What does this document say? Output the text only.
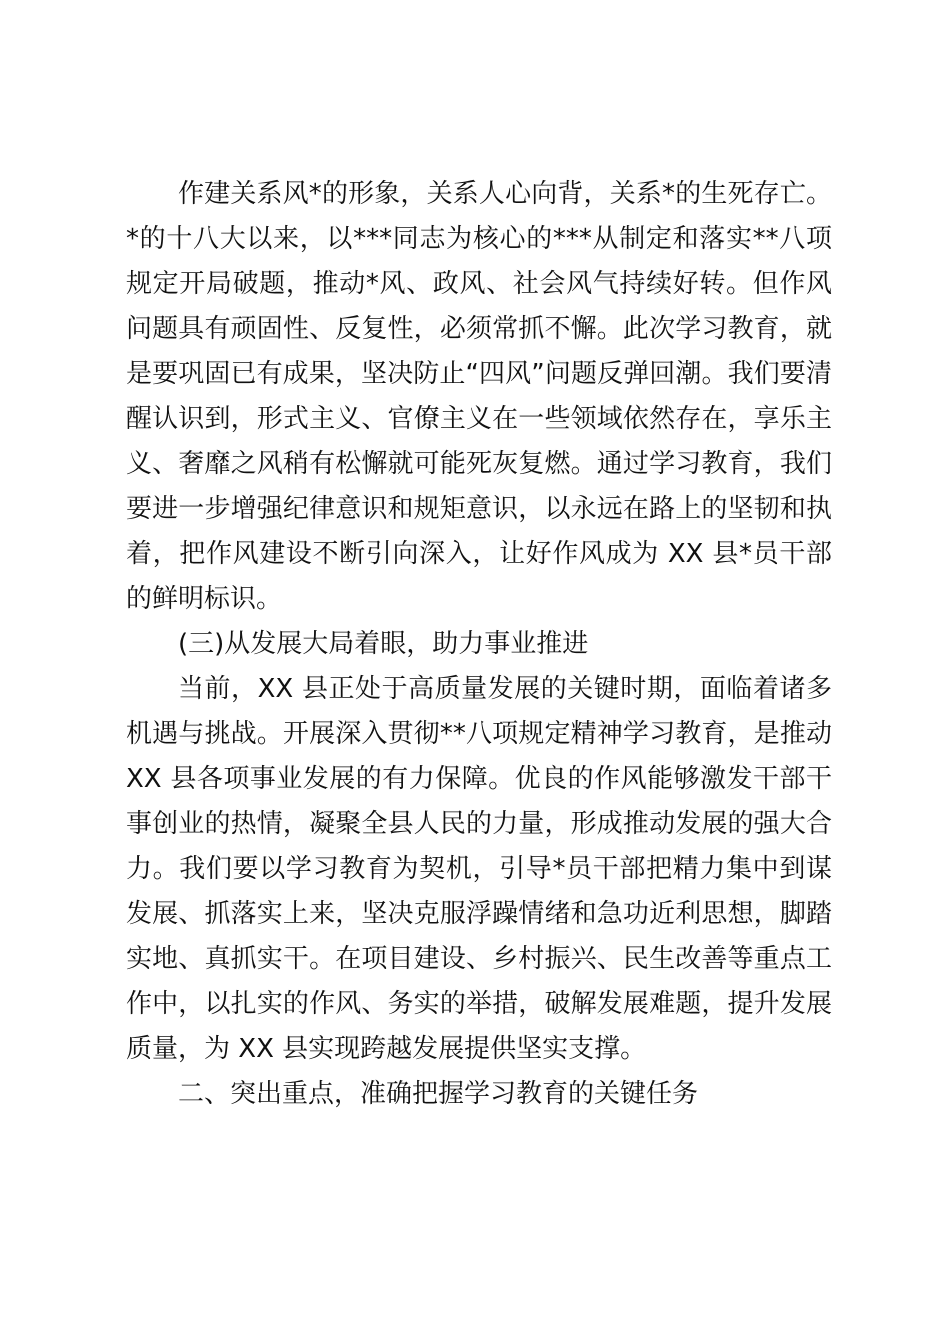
作建关系风*的形象，关系人心向背，关系*的生死存亡。*的十八大以来，以***同志为核心的***从制定和落实**八项规定开局破题，推动*风、政风、社会风气持续好转。但作风问题具有顽固性、反复性，必须常抓不懈。此次学习教育，就是要巩固已有成果，坚决防止“四风”问题反弹回潮。我们要清醒认识到，形式主义、官僚主义在一些领域依然存在，享乐主义、奢靡之风稍有松懈就可能死灰复燃。通过学习教育，我们要进一步增强纪律意识和规矩意识，以永远在路上的坚韧和执着，把作风建设不断引向深入，让好作风成为 XX 县*员干部的鲜明标识。

(三)从发展大局着眼，助力事业推进

当前，XX 县正处于高质量发展的关键时期，面临着诸多机遇与挑战。开展深入贯彻**八项规定精神学习教育，是推动 XX 县各项事业发展的有力保障。优良的作风能够激发干部干事创业的热情，凝聚全县人民的力量，形成推动发展的强大合力。我们要以学习教育为契机，引导*员干部把精力集中到谋发展、抓落实上来，坚决克服浮躁情绪和急功近利思想，脚踏实地、真抓实干。在项目建设、乡村振兴、民生改善等重点工作中，以扎实的作风、务实的举措，破解发展难题，提升发展质量，为 XX 县实现跨越发展提供坚实支撑。

二、突出重点，准确把握学习教育的关键任务
